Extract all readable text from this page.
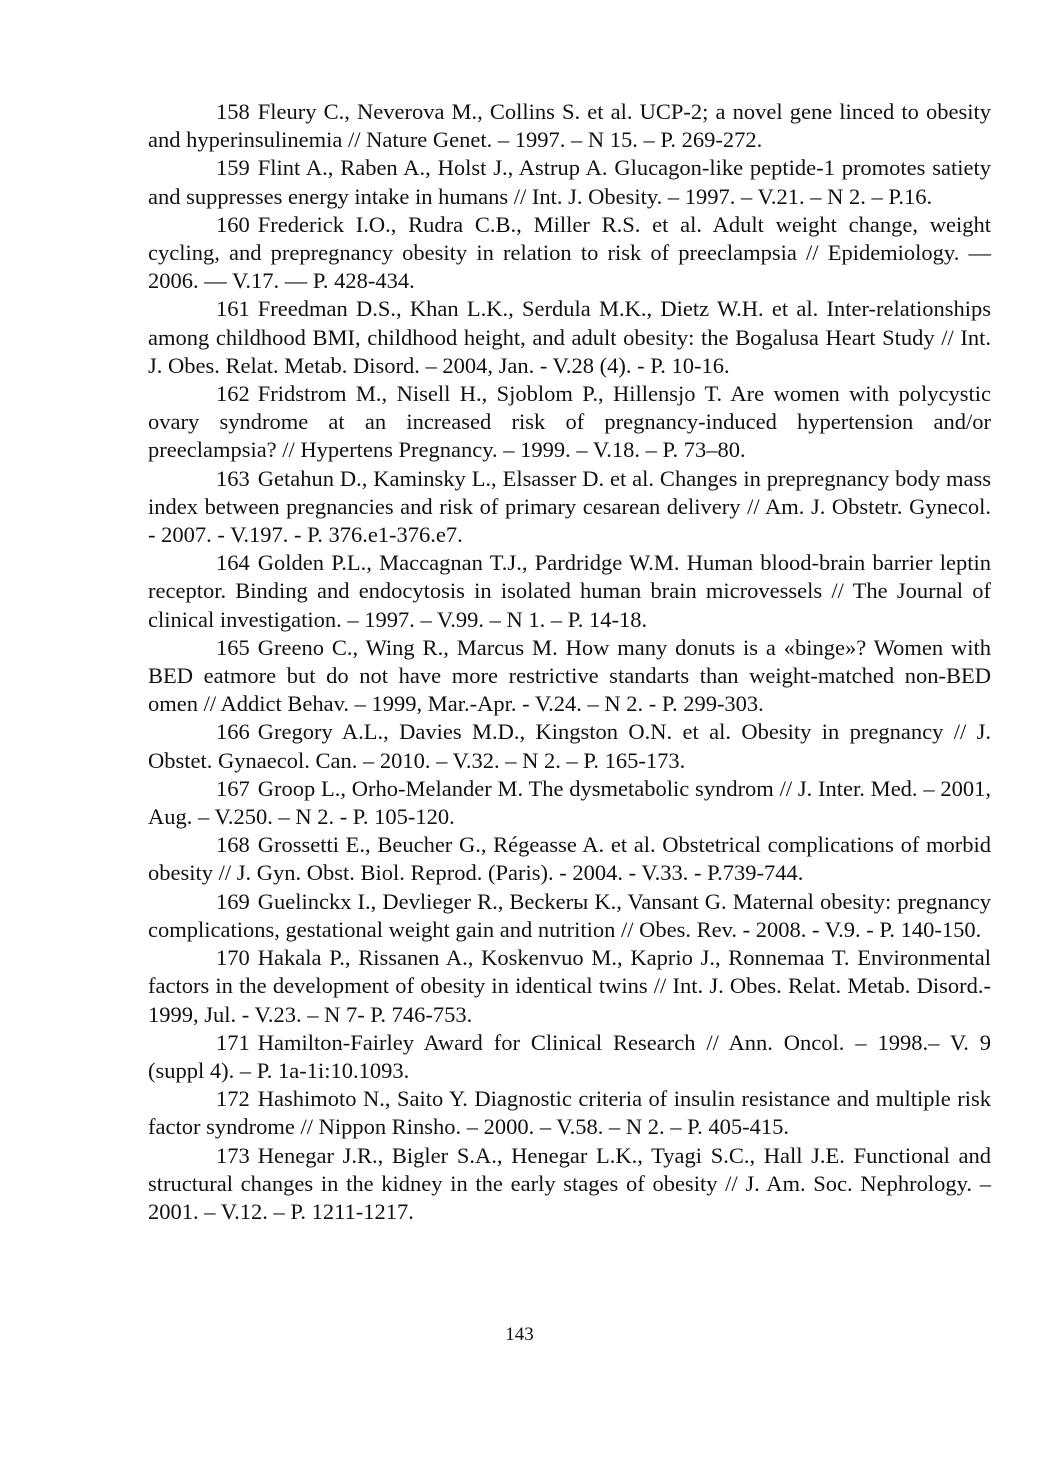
158 Fleury C., Neverova M., Collins S. et al. UCP-2; a novel gene linced to obesity and hyperinsulinemia // Nature Genet. – 1997. – N 15. – P. 269-272.

159 Flint A., Raben A., Holst J., Astrup A. Glucagon-like peptide-1 promotes satiety and suppresses energy intake in humans // Int. J. Obesity. – 1997. – V.21. – N 2. – P.16.

160 Frederick I.O., Rudra C.B., Miller R.S. et al. Adult weight change, weight cycling, and prepregnancy obesity in relation to risk of preeclampsia // Epidemiology. — 2006. — V.17. — P. 428-434.

161 Freedman D.S., Khan L.K., Serdula M.K., Dietz W.H. et al. Inter-relationships among childhood BMI, childhood height, and adult obesity: the Bogalusa Heart Study // Int. J. Obes. Relat. Metab. Disord. – 2004, Jan. - V.28 (4). - P. 10-16.

162 Fridstrom M., Nisell H., Sjoblom P., Hillensjo T. Are women with polycystic ovary syndrome at an increased risk of pregnancy-induced hypertension and/or preeclampsia? // Hypertens Pregnancy. – 1999. – V.18. – P. 73–80.

163 Getahun D., Kaminsky L., Elsasser D. et al. Changes in prepregnancy body mass index between pregnancies and risk of primary cesarean delivery // Am. J. Obstetr. Gynecol. - 2007. - V.197. - P. 376.e1-376.e7.

164 Golden P.L., Maccagnan T.J., Pardridge W.M. Human blood-brain barrier leptin receptor. Binding and endocytosis in isolated human brain microvessels // The Journal of clinical investigation. – 1997. – V.99. – N 1. – P. 14-18.

165 Greeno C., Wing R., Marcus M. How many donuts is a «binge»? Women with BED eatmore but do not have more restrictive standarts than weight-matched non-BED omen // Addict Behav. – 1999, Mar.-Apr. - V.24. – N 2. - P. 299-303.

166 Gregory A.L., Davies M.D., Kingston O.N. et al. Obesity in pregnancy // J. Obstet. Gynaecol. Can. – 2010. – V.32. – N 2. – P. 165-173.

167 Groop L., Orho-Melander M. The dysmetabolic syndrom // J. Inter. Med. – 2001, Aug. – V.250. – N 2. - P. 105-120.

168 Grossetti E., Beucher G., Régeasse A. et al. Obstetrical complications of morbid obesity // J. Gyn. Obst. Biol. Reprod. (Paris). - 2004. - V.33. - P.739-744.

169 Guelinckx I., Devlieger R., Beckerы K., Vansant G. Maternal obesity: pregnancy complications, gestational weight gain and nutrition // Obes. Rev. - 2008. - V.9. - P. 140-150.

170 Hakala P., Rissanen A., Koskenvuo M., Kaprio J., Ronnemaa T. Environmental factors in the development of obesity in identical twins // Int. J. Obes. Relat. Metab. Disord.- 1999, Jul. - V.23. – N 7- P. 746-753.

171 Hamilton-Fairley Award for Clinical Research // Ann. Oncol. – 1998.– V. 9 (suppl 4). – P. 1a-1i:10.1093.

172 Hashimoto N., Saito Y. Diagnostic criteria of insulin resistance and multiple risk factor syndrome // Nippon Rinsho. – 2000. – V.58. – N 2. – P. 405-415.

173 Henegar J.R., Bigler S.A., Henegar L.K., Tyagi S.C., Hall J.E. Functional and structural changes in the kidney in the early stages of obesity // J. Am. Soc. Nephrology. – 2001. – V.12. – P. 1211-1217.

143
